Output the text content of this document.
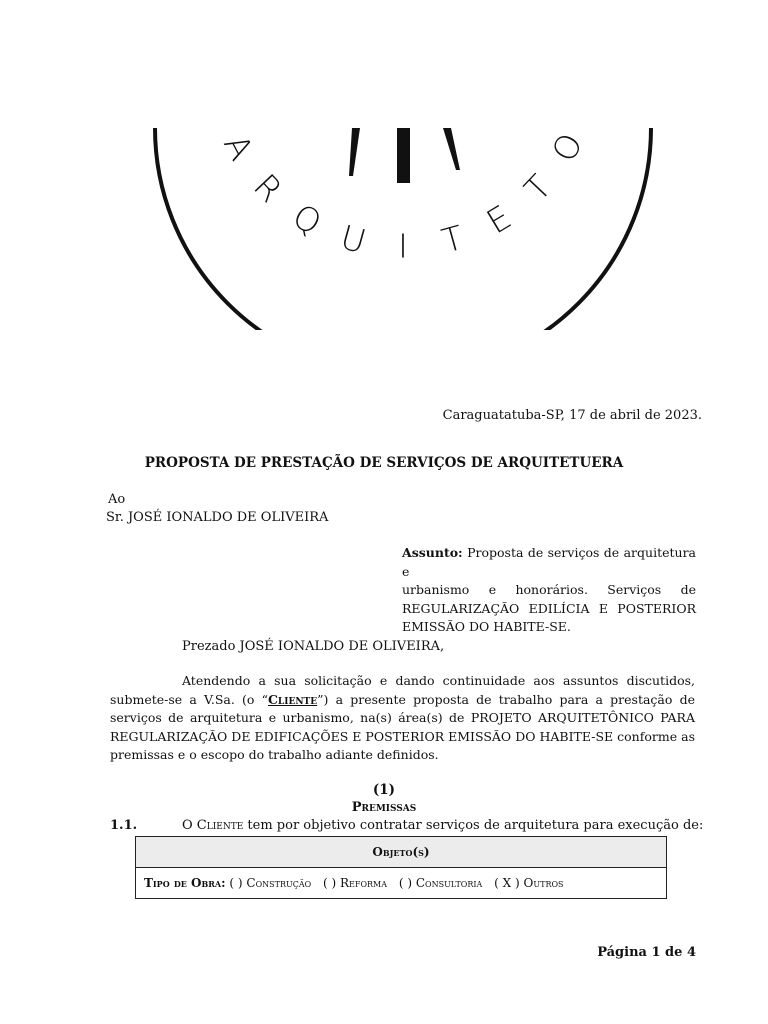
A
R
Q U I T E
T
O
Caraguatatuba-SP, 17 de abril de 2023.
PROPOSTA DE PRESTAÇÃO DE SERVIÇOS DE ARQUITETUERA
Ao
Sr. JOSÉ IONALDO DE OLIVEIRA
Assunto: Proposta de serviços de arquitetura e
urbanismo e honorários. Serviços de
REGULARIZAÇÃO EDILÍCIA E POSTERIOR
EMISSÃO DO HABITE-SE.
Prezado JOSÉ IONALDO DE OLIVEIRA,
Atendendo a sua solicitação e dando continuidade aos assuntos discutidos, submete-se a V.Sa. (o “Cliente”) a presente proposta de trabalho para a prestação de serviços de arquitetura e urbanismo, na(s) área(s) de PROJETO ARQUITETÔNICO PARA REGULARIZAÇÃO DE EDIFICAÇÕES E POSTERIOR EMISSÃO DO HABITE-SE conforme as premissas e o escopo do trabalho adiante definidos.
(1)
Premissas
1.1.	O Cliente tem por objetivo contratar serviços de arquitetura para execução de:
Objeto(s)
Tipo de Obra: ( ) Construção ( ) Reforma ( ) Consultoria ( X ) Outros
Página 1 de 4
